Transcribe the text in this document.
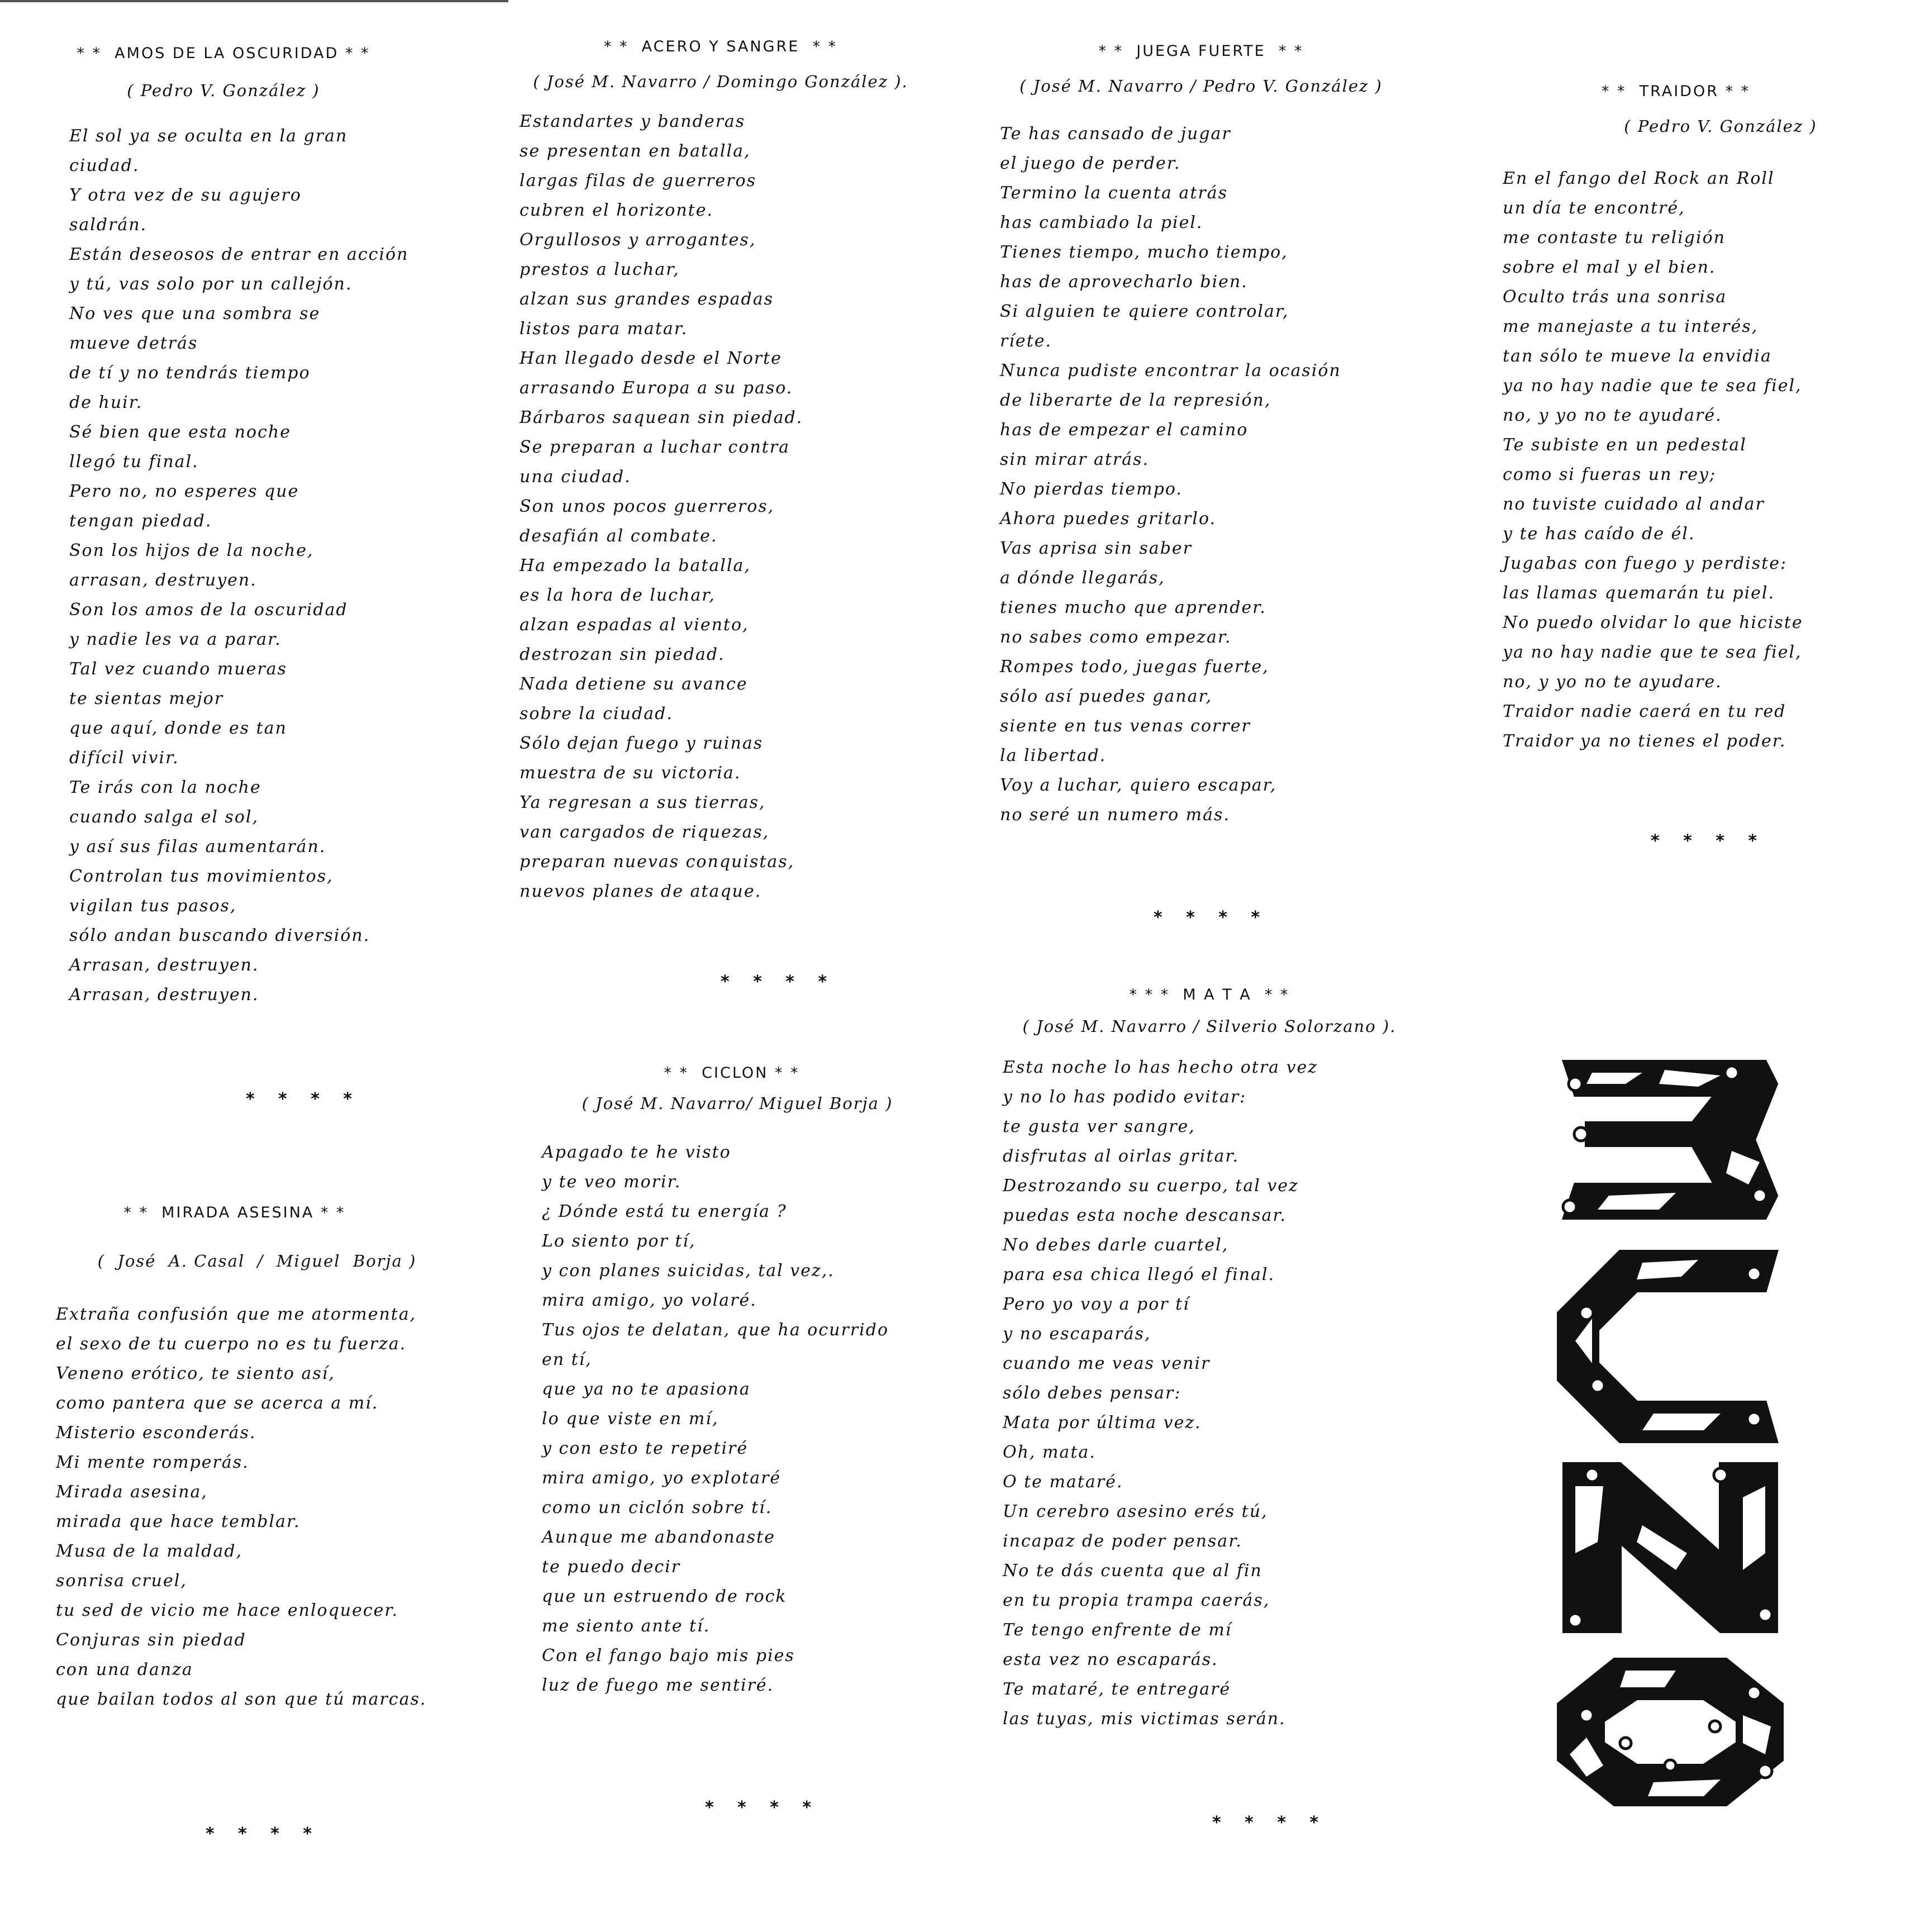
* *  AMOS DE LA OSCURIDAD * *
( Pedro V. González )
El sol ya se oculta en la gran
ciudad.
Y otra vez de su agujero
saldrán.
Están deseosos de entrar en acción
y tú, vas solo por un callejón.
No ves que una sombra se
mueve detrás
de tí y no tendrás tiempo
de huir.
Sé bien que esta noche
llegó tu final.
Pero no, no esperes que
tengan piedad.
Son los hijos de la noche,
arrasan, destruyen.
Son los amos de la oscuridad
y nadie les va a parar.
Tal vez cuando mueras
te sientas mejor
que aquí, donde es tan
difícil vivir.
Te irás con la noche
cuando salga el sol,
y así sus filas aumentarán.
Controlan tus movimientos,
vigilan tus pasos,
sólo andan buscando diversión.
Arrasan, destruyen.
Arrasan, destruyen.
* *  ACERO Y SANGRE  * *
( José M. Navarro / Domingo González ).
Estandartes y banderas
se presentan en batalla,
largas filas de guerreros
cubren el horizonte.
Orgullosos y arrogantes,
prestos a luchar,
alzan sus grandes espadas
listos para matar.
Han llegado desde el Norte
arrasando Europa a su paso.
Bárbaros saquean sin piedad.
Se preparan a luchar contra
una ciudad.
Son unos pocos guerreros,
desafián al combate.
Ha empezado la batalla,
es la hora de luchar,
alzan espadas al viento,
destrozan sin piedad.
Nada detiene su avance
sobre la ciudad.
Sólo dejan fuego y ruinas
muestra de su victoria.
Ya regresan a sus tierras,
van cargados de riquezas,
preparan nuevas conquistas,
nuevos planes de ataque.
* *  JUEGA FUERTE  * *
( José M. Navarro / Pedro V. González )
Te has cansado de jugar
el juego de perder.
Termino la cuenta atrás
has cambiado la piel.
Tienes tiempo, mucho tiempo,
has de aprovecharlo bien.
Si alguien te quiere controlar,
ríete.
Nunca pudiste encontrar la ocasión
de liberarte de la represión,
has de empezar el camino
sin mirar atrás.
No pierdas tiempo.
Ahora puedes gritarlo.
Vas aprisa sin saber
a dónde llegarás,
tienes mucho que aprender.
no sabes como empezar.
Rompes todo, juegas fuerte,
sólo así puedes ganar,
siente en tus venas correr
la libertad.
Voy a luchar, quiero escapar,
no seré un numero más.
* *  TRAIDOR * *
( Pedro V. González )
En el fango del Rock an Roll
un día te encontré,
me contaste tu religión
sobre el mal y el bien.
Oculto trás una sonrisa
me manejaste a tu interés,
tan sólo te mueve la envidia
ya no hay nadie que te sea fiel,
no, y yo no te ayudaré.
Te subiste en un pedestal
como si fueras un rey;
no tuviste cuidado al andar
y te has caído de él.
Jugabas con fuego y perdiste:
las llamas quemarán tu piel.
No puedo olvidar lo que hiciste
ya no hay nadie que te sea fiel,
no, y yo no te ayudare.
Traidor nadie caerá en tu red
Traidor ya no tienes el poder.
* *  MIRADA ASESINA * *
(  José  A. Casal  /  Miguel  Borja )
Extraña confusión que me atormenta,
el sexo de tu cuerpo no es tu fuerza.
Veneno erótico, te siento así,
como pantera que se acerca a mí.
Misterio esconderás.
Mi mente romperás.
Mirada asesina,
mirada que hace temblar.
Musa de la maldad,
sonrisa cruel,
tu sed de vicio me hace enloquecer.
Conjuras sin piedad
con una danza
que bailan todos al son que tú marcas.
* *  CICLON * *
( José M. Navarro/ Miguel Borja )
Apagado te he visto
y te veo morir.
¿ Dónde está tu energía ?
Lo siento por tí,
y con planes suicidas, tal vez,.
mira amigo, yo volaré.
Tus ojos te delatan, que ha ocurrido
en tí,
que ya no te apasiona
lo que viste en mí,
y con esto te repetiré
mira amigo, yo explotaré
como un ciclón sobre tí.
Aunque me abandonaste
te puedo decir
que un estruendo de rock
me siento ante tí.
Con el fango bajo mis pies
luz de fuego me sentiré.
* * *  M A T A  * *
( José M. Navarro / Silverio Solorzano ).
Esta noche lo has hecho otra vez
y no lo has podido evitar:
te gusta ver sangre,
disfrutas al oirlas gritar.
Destrozando su cuerpo, tal vez
puedas esta noche descansar.
No debes darle cuartel,
para esa chica llegó el final.
Pero yo voy a por tí
y no escaparás,
cuando me veas venir
sólo debes pensar:
Mata por última vez.
Oh, mata.
O te mataré.
Un cerebro asesino erés tú,
incapaz de poder pensar.
No te dás cuenta que al fin
en tu propia trampa caerás,
Te tengo enfrente de mí
esta vez no escaparás.
Te mataré, te entregaré
las tuyas, mis victimas serán.
* * * *
* * * *
* * * *
* * * *
* * * *
* * * *
* * * *
